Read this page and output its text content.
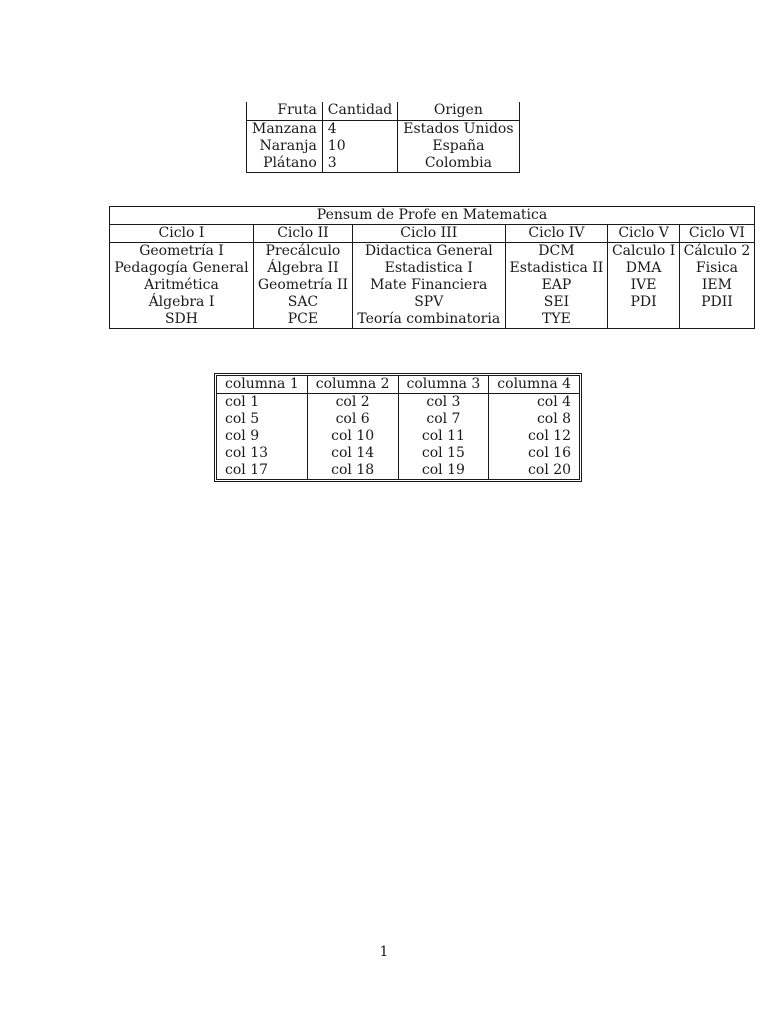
Fruta	Cantidad	Origen
Manzana	4	Estados Unidos
Naranja	10	España
Plátano	3	Colombia
Pensum de Profe en Matematica					
Ciclo I	Ciclo II	Ciclo III	Ciclo IV	Ciclo V	Ciclo VI
Geometría I	Precálculo	Didactica General	DCM	Calculo I	Cálculo 2
Pedagogía General	Álgebra II	Estadistica I	Estadistica II	DMA	Fisica
Aritmética	Geometría II	Mate Financiera	EAP	IVE	IEM
Álgebra I	SAC	SPV	SEI	PDI	PDII
SDH	PCE	Teoría combinatoria	TYE		
columna 1	columna 2	columna 3	columna 4
col 1	col 2	col 3	col 4
col 5	col 6	col 7	col 8
col 9	col 10	col 11	col 12
col 13	col 14	col 15	col 16
col 17	col 18	col 19	col 20
1
